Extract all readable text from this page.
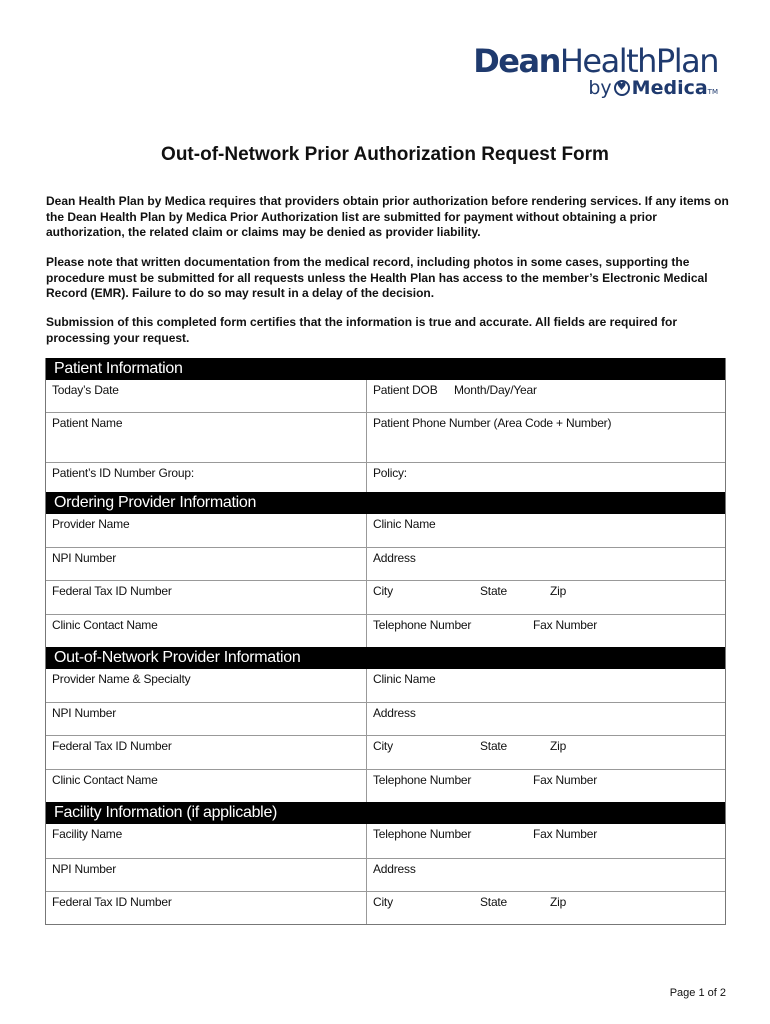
DeanHealthPlan
by♥ MedicaTM
Out-of-Network Prior Authorization Request Form
Dean Health Plan by Medica requires that providers obtain prior authorization before rendering services. If any items on the Dean Health Plan by Medica Prior Authorization list are submitted for payment without obtaining a prior authorization, the related claim or claims may be denied as provider liability.
Please note that written documentation from the medical record, including photos in some cases, supporting the procedure must be submitted for all requests unless the Health Plan has access to the member’s Electronic Medical Record (EMR). Failure to do so may result in a delay of the decision.
Submission of this completed form certifies that the information is true and accurate. All fields are required for processing your request.
Patient Information
Today’s Date	Patient DOB Month/Day/Year
Patient Name	Patient Phone Number (Area Code + Number)
Patient’s ID Number Group:	Policy:
Ordering Provider Information
Provider Name	Clinic Name
NPI Number	Address
Federal Tax ID Number	City	State	Zip
Clinic Contact Name	Telephone Number	Fax Number
Out-of-Network Provider Information
Provider Name & Specialty	Clinic Name
NPI Number	Address
Federal Tax ID Number	City	State	Zip
Clinic Contact Name	Telephone Number	Fax Number
Facility Information (if applicable)
Facility Name	Telephone Number	Fax Number
NPI Number	Address
Federal Tax ID Number	City	State	Zip
Page 1 of 2
